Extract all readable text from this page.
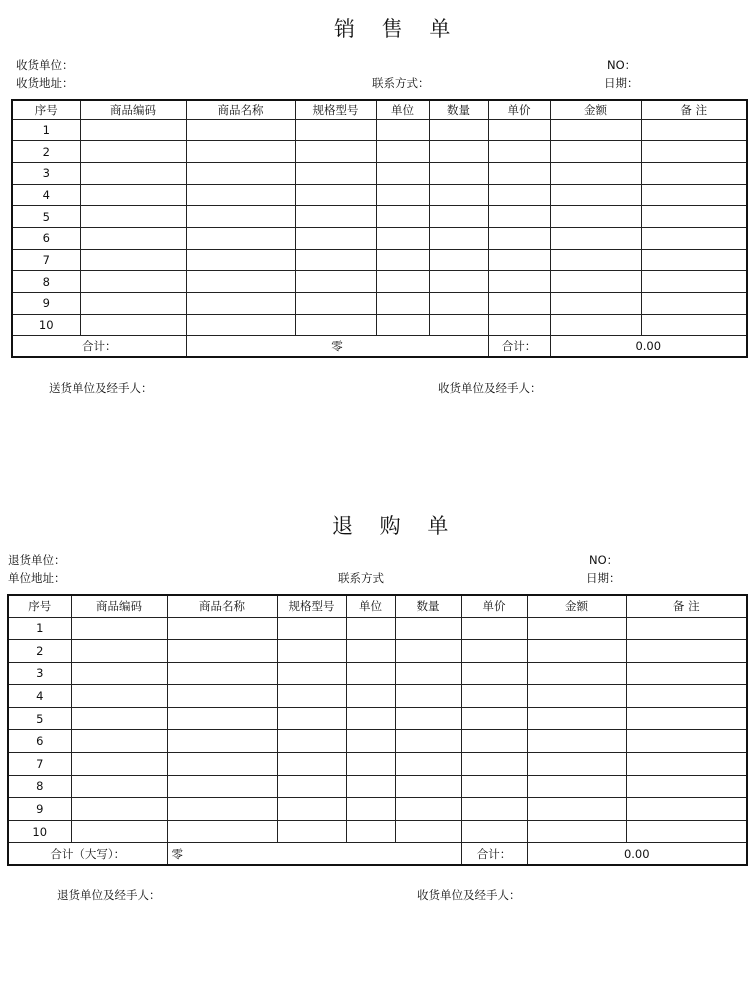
销 售 单
收货单位：	NO：
收货地址：	联系方式：	日期：
序号	商品编码	商品名称	规格型号	单位	数量	单价	金额	备 注
1								
2								
3								
4								
5								
6								
7								
8								
9								
10								
合计：		零				合计：	0.00	
送货单位及经手人：	收货单位及经手人：
退 购 单
退货单位：	NO：
单位地址：	联系方式	日期：
序号	商品编码	商品名称	规格型号	单位	数量	单价	金额	备 注
1								
2								
3								
4								
5								
6								
7								
8								
9								
10								
合计（大写）：		零				合计：	0.00	
退货单位及经手人：	收货单位及经手人：
